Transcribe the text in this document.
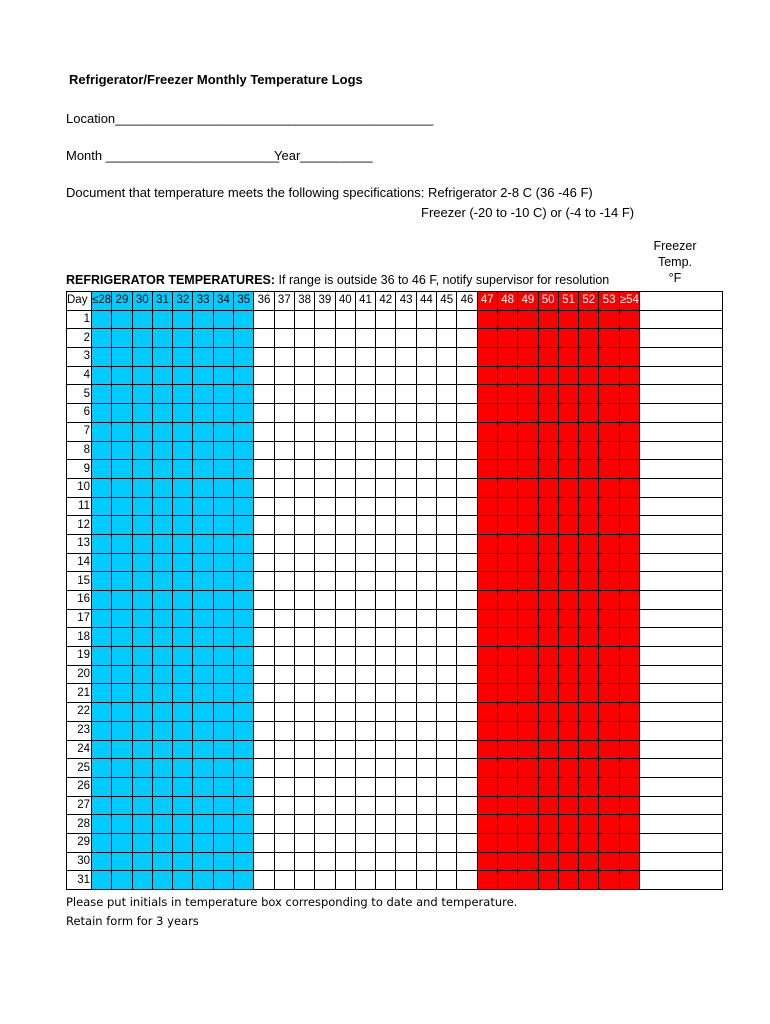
Refrigerator/Freezer Monthly Temperature Logs
Location____________________________________________
Month ________________________
Year__________
Document that temperature meets the following specifications: Refrigerator 2-8 C (36 -46 F)
Freezer (-20 to -10 C) or (-4 to -14 F)
Freezer
Temp.
°F
REFRIGERATOR TEMPERATURES: If range is outside 36 to 46 F, notify supervisor for resolution
Day	≤28	29	30	31	32	33	34	35	36	37	38	39	40	41	42	43	44	45	46	47	48	49	50	51	52	53	≥54	
1																												
2																												
3																												
4																												
5																												
6																												
7																												
8																												
9																												
10																												
11																												
12																												
13																												
14																												
15																												
16																												
17																												
18																												
19																												
20																												
21																												
22																												
23																												
24																												
25																												
26																												
27																												
28																												
29																												
30																												
31																												
Please put initials in temperature box corresponding to date and temperature.
Retain form for 3 years
